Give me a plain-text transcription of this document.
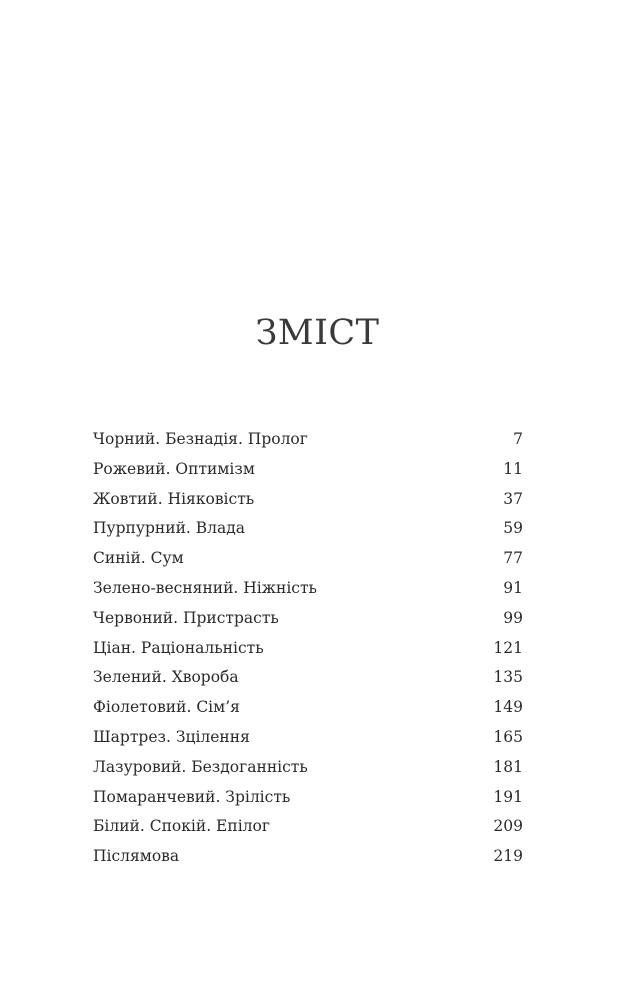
ЗМІСТ
Чорний. Безнадія. Пролог	7
Рожевий. Оптимізм	11
Жовтий. Ніяковість	37
Пурпурний. Влада	59
Синій. Сум	77
Зелено-весняний. Ніжність	91
Червоний. Пристрасть	99
Ціан. Раціональність	121
Зелений. Хвороба	135
Фіолетовий. Сім’я	149
Шартрез. Зцілення	165
Лазуровий. Бездоганність	181
Помаранчевий. Зрілість	191
Білий. Спокій. Епілог	209
Післямова	219
